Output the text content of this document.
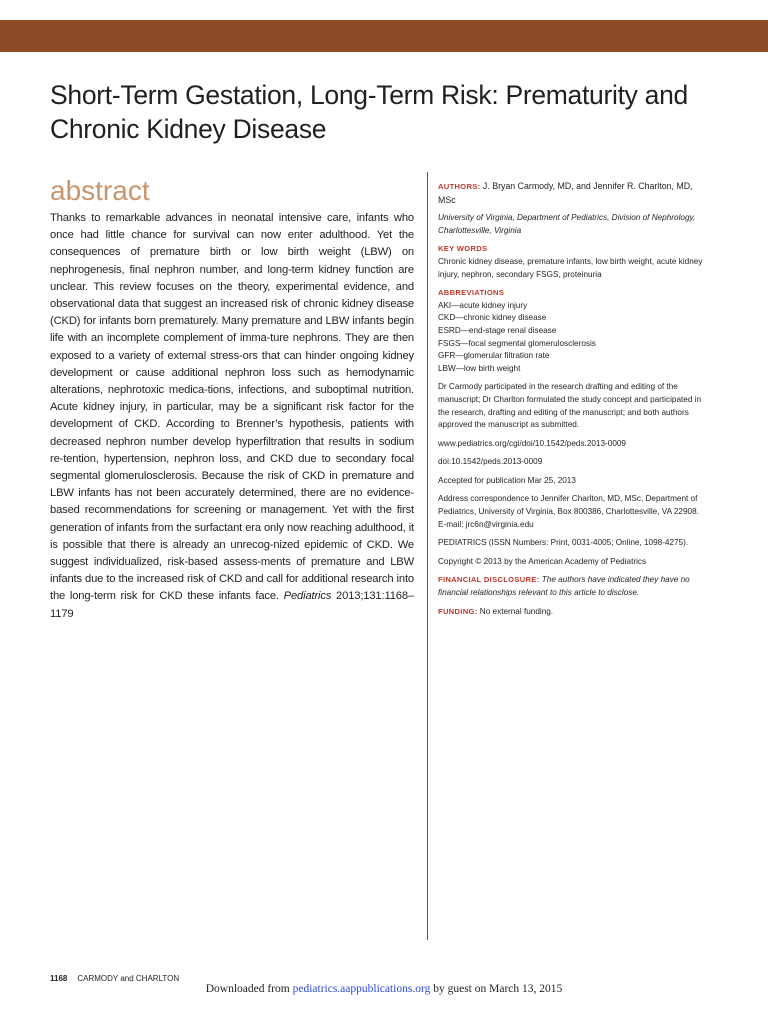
Short-Term Gestation, Long-Term Risk: Prematurity and Chronic Kidney Disease
abstract

Thanks to remarkable advances in neonatal intensive care, infants who once had little chance for survival can now enter adulthood. Yet the consequences of premature birth or low birth weight (LBW) on nephrogenesis, final nephron number, and long-term kidney function are unclear. This review focuses on the theory, experimental evidence, and observational data that suggest an increased risk of chronic kidney disease (CKD) for infants born prematurely. Many premature and LBW infants begin life with an incomplete complement of imma-ture nephrons. They are then exposed to a variety of external stress-ors that can hinder ongoing kidney development or cause additional nephron loss such as hemodynamic alterations, nephrotoxic medica-tions, infections, and suboptimal nutrition. Acute kidney injury, in particular, may be a significant risk factor for the development of CKD. According to Brenner’s hypothesis, patients with decreased nephron number develop hyperfiltration that results in sodium re-tention, hypertension, nephron loss, and CKD due to secondary focal segmental glomerulosclerosis. Because the risk of CKD in premature and LBW infants has not been accurately determined, there are no evidence-based recommendations for screening or management. Yet with the first generation of infants from the surfactant era only now reaching adulthood, it is possible that there is already an unrecog-nized epidemic of CKD. We suggest individualized, risk-based assess-ments of premature and LBW infants due to the increased risk of CKD and call for additional research into the long-term risk for CKD these infants face. Pediatrics 2013;131:1168–1179

AUTHORS: J. Bryan Carmody, MD, and Jennifer R. Charlton, MD, MSc

University of Virginia, Department of Pediatrics, Division of Nephrology, Charlottesville, Virginia

KEY WORDS

Chronic kidney disease, premature infants, low birth weight, acute kidney injury, nephron, secondary FSGS, proteinuria

ABBREVIATIONS

AKI—acute kidney injury
CKD—chronic kidney disease
ESRD—end-stage renal disease
FSGS—focal segmental glomerulosclerosis
GFR—glomerular filtration rate
LBW—low birth weight

Dr Carmody participated in the research drafting and editing of the manuscript; Dr Charlton formulated the study concept and participated in the research, drafting and editing of the manuscript; and both authors approved the manuscript as submitted.

www.pediatrics.org/cgi/doi/10.1542/peds.2013-0009

doi:10.1542/peds.2013-0009

Accepted for publication Mar 25, 2013

Address correspondence to Jennifer Charlton, MD, MSc, Department of Pediatrics, University of Virginia, Box 800386, Charlottesville, VA 22908. E-mail: jrc6n@virginia.edu

PEDIATRICS (ISSN Numbers: Print, 0031-4005; Online, 1098-4275).

Copyright © 2013 by the American Academy of Pediatrics

FINANCIAL DISCLOSURE: The authors have indicated they have no financial relationships relevant to this article to disclose.

FUNDING: No external funding.

1168 CARMODY and CHARLTON
Downloaded from pediatrics.aappublications.org by guest on March 13, 2015
